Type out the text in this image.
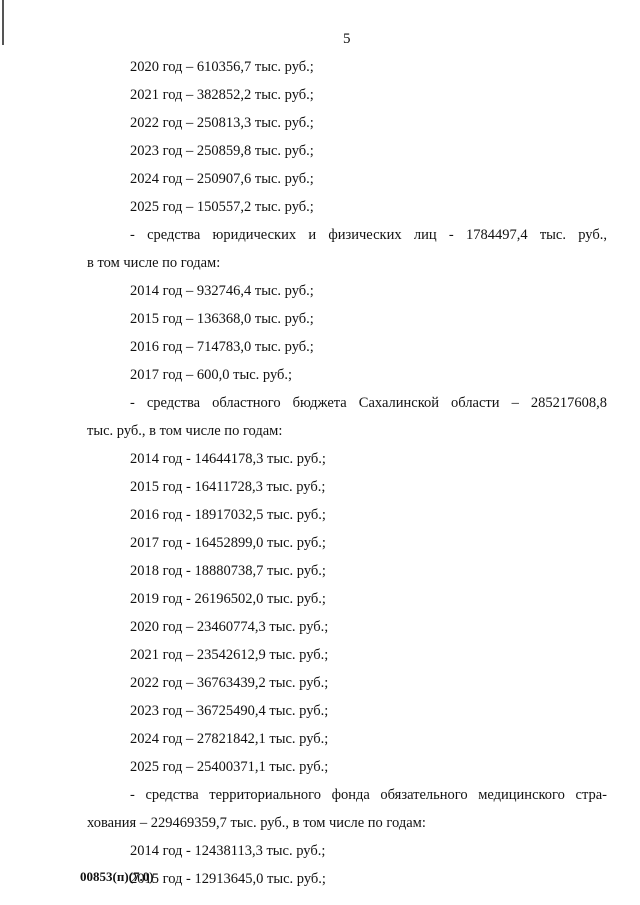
5
2020 год – 610356,7 тыс. руб.;
2021 год – 382852,2 тыс. руб.;
2022 год – 250813,3 тыс. руб.;
2023 год – 250859,8 тыс. руб.;
2024 год – 250907,6 тыс. руб.;
2025 год – 150557,2 тыс. руб.;
- средства юридических и физических лиц - 1784497,4 тыс. руб.,
в том числе по годам:
2014 год – 932746,4 тыс. руб.;
2015 год – 136368,0 тыс. руб.;
2016 год – 714783,0 тыс. руб.;
2017 год – 600,0 тыс. руб.;
- средства областного бюджета Сахалинской области – 285217608,8
тыс. руб., в том числе по годам:
2014 год - 14644178,3 тыс. руб.;
2015 год - 16411728,3 тыс. руб.;
2016 год - 18917032,5 тыс. руб.;
2017 год - 16452899,0 тыс. руб.;
2018 год - 18880738,7 тыс. руб.;
2019 год - 26196502,0 тыс. руб.;
2020 год – 23460774,3 тыс. руб.;
2021 год – 23542612,9 тыс. руб.;
2022 год – 36763439,2 тыс. руб.;
2023 год – 36725490,4 тыс. руб.;
2024 год – 27821842,1 тыс. руб.;
2025 год – 25400371,1 тыс. руб.;
- средства территориального фонда обязательного медицинского стра-
хования – 229469359,7 тыс. руб., в том числе по годам:
2014 год - 12438113,3 тыс. руб.;
2015 год - 12913645,0 тыс. руб.;
00853(п)(7.0)
